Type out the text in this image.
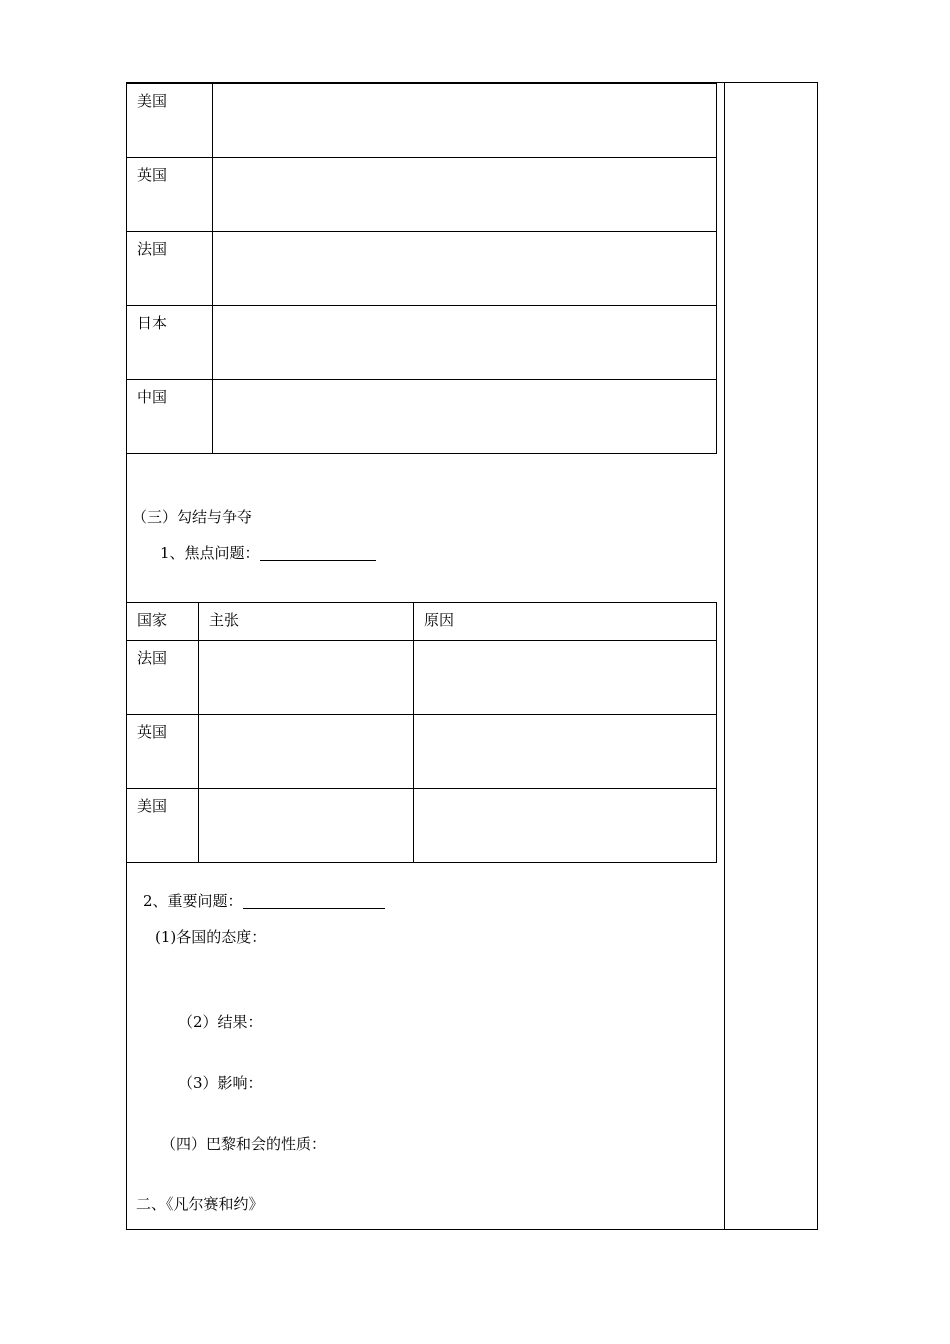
美国	
英国	
法国	
日本	
中国	
（三）勾结与争夺
1、焦点问题：
国家	主张	原因
法国		
英国		
美国		
2、重要问题：
(1)各国的态度：
（2）结果：
（3）影响：
（四）巴黎和会的性质：
二、《凡尔赛和约》
